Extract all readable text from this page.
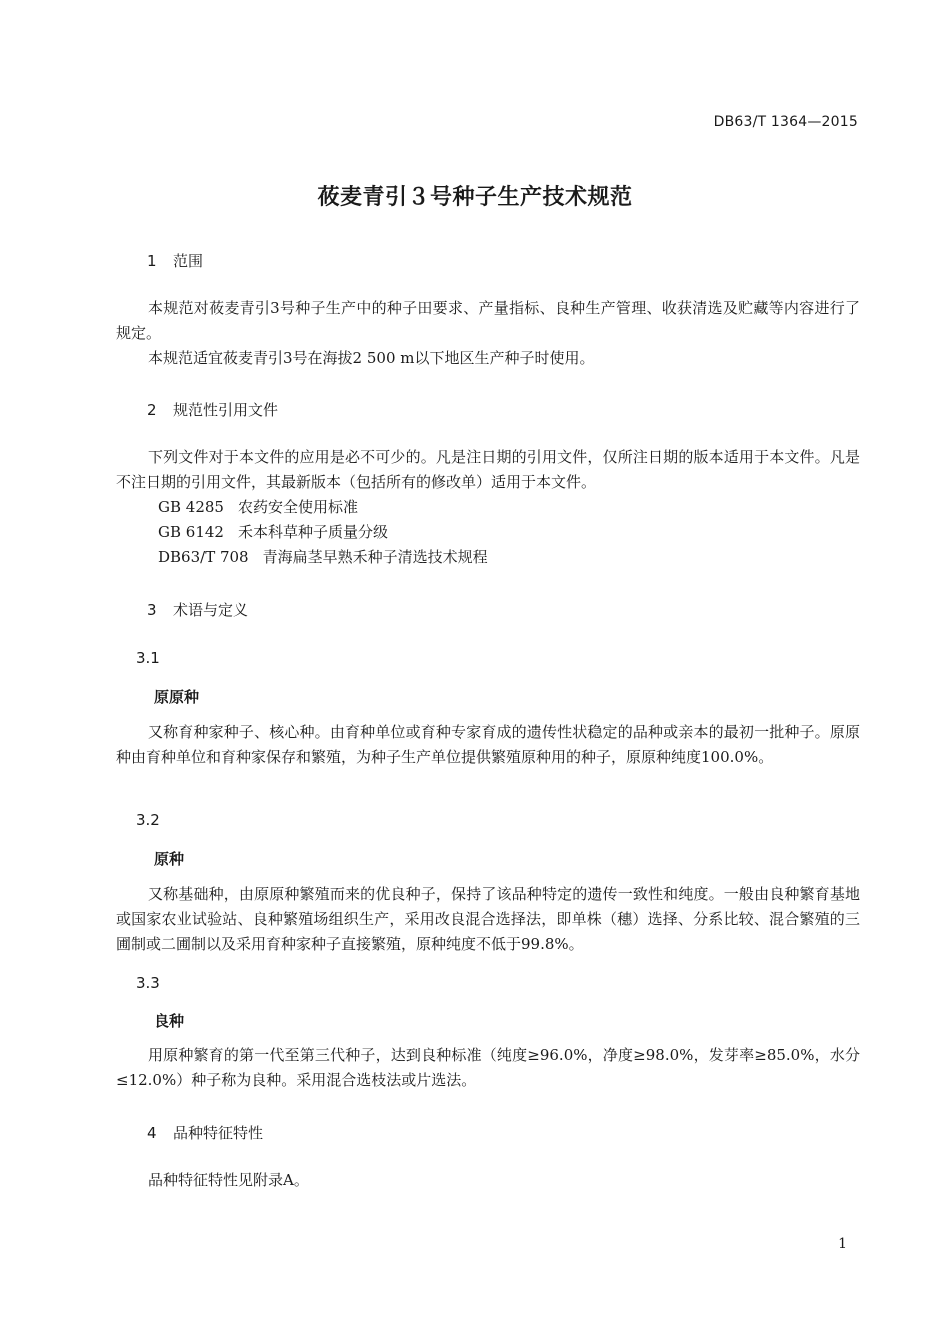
DB63/T 1364—2015
莜麦青引３号种子生产技术规范
1 范围
本规范对莜麦青引3号种子生产中的种子田要求、产量指标、良种生产管理、收获清选及贮藏等内容进行了规定。
本规范适宜莜麦青引3号在海拔2 500 m以下地区生产种子时使用。
2 规范性引用文件
下列文件对于本文件的应用是必不可少的。凡是注日期的引用文件，仅所注日期的版本适用于本文件。凡是不注日期的引用文件，其最新版本（包括所有的修改单）适用于本文件。
GB 4285 农药安全使用标准
GB 6142 禾本科草种子质量分级
DB63/T 708 青海扁茎早熟禾种子清选技术规程
3 术语与定义
3.1
原原种
又称育种家种子、核心种。由育种单位或育种专家育成的遗传性状稳定的品种或亲本的最初一批种子。原原种由育种单位和育种家保存和繁殖，为种子生产单位提供繁殖原种用的种子，原原种纯度100.0%。
3.2
原种
又称基础种，由原原种繁殖而来的优良种子，保持了该品种特定的遗传一致性和纯度。一般由良种繁育基地或国家农业试验站、良种繁殖场组织生产，采用改良混合选择法，即单株（穗）选择、分系比较、混合繁殖的三圃制或二圃制以及采用育种家种子直接繁殖，原种纯度不低于99.8%。
3.3
良种
用原种繁育的第一代至第三代种子，达到良种标准（纯度≥96.0%，净度≥98.0%，发芽率≥85.0%，水分≤12.0%）种子称为良种。采用混合选枝法或片选法。
4 品种特征特性
品种特征特性见附录A。
1
